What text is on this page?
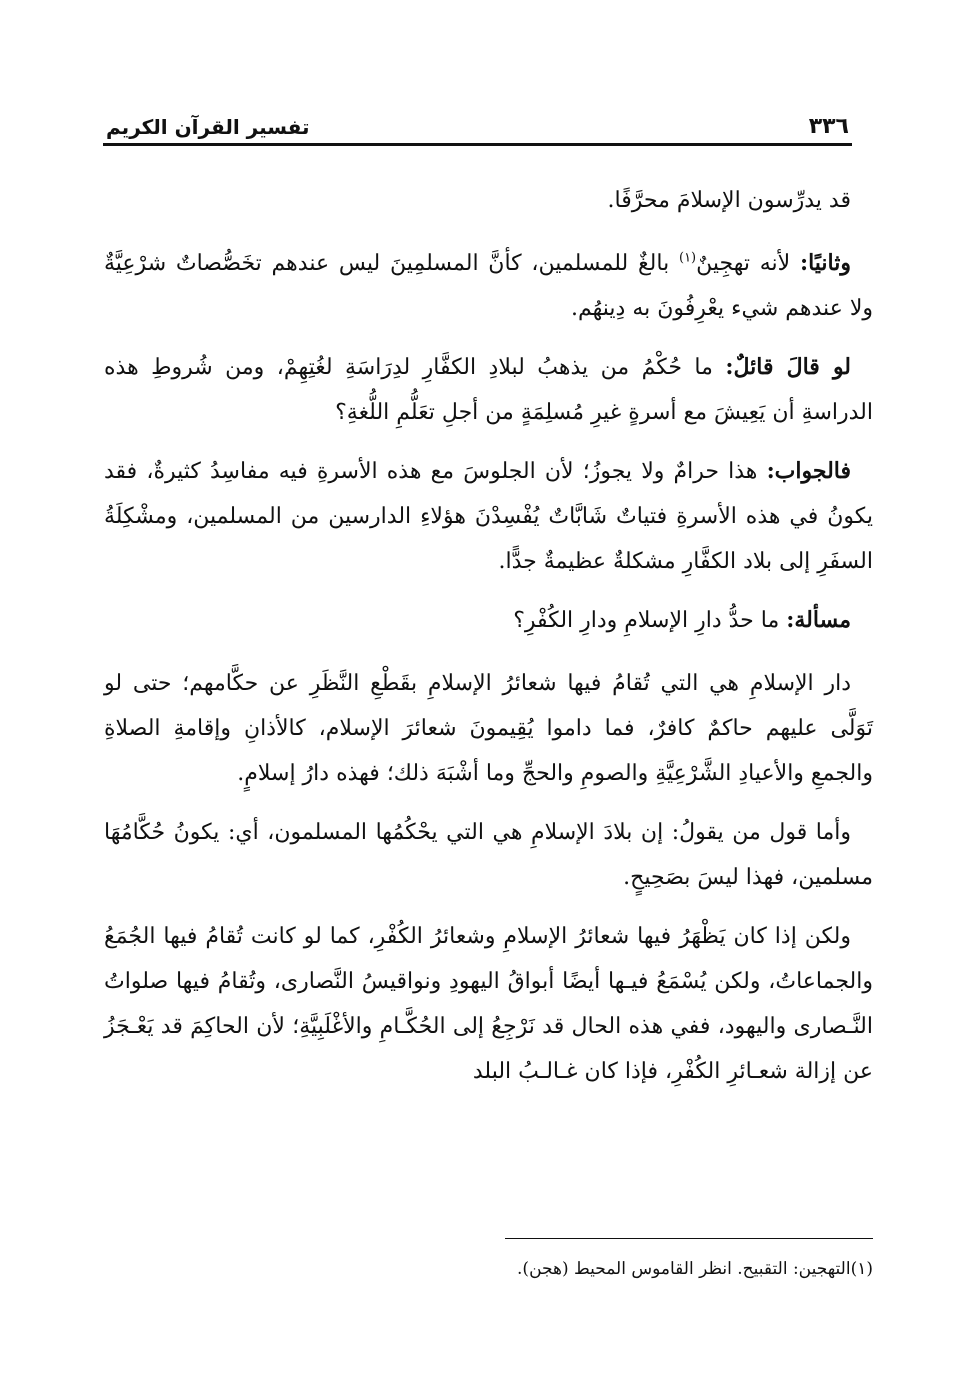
٣٣٦
تفسير القرآن الكريم

قد يدرِّسون الإسلامَ محرَّفًا.

وثانيًا: لأنه تهجِينٌ$^{(١)}$ بالغٌ للمسلمين، كأنَّ المسلمِينَ ليس عندهم تخَصُّصاتٌ شرْعِيَّةٌ ولا عندهم شيء يعْرِفُونَ به دِينهُم.

لو قالَ قائلٌ: ما حُكْمُ من يذهبُ لبلادِ الكفَّارِ لدِرَاسَةِ لغُتِهِمْ، ومن شُروطِ هذه الدراسةِ أن يَعِيشَ مع أسرةٍ غيرِ مُسلِمَةٍ من أجلِ تعَلُّمِ اللُّغةِ؟

فالجواب: هذا حرامٌ ولا يجوزُ؛ لأن الجلوسَ مع هذه الأسرةِ فيه مفاسِدُ كثيرةٌ، فقد يكونُ في هذه الأسرةِ فتياتٌ شَابَّاتٌ يُفْسِدْنَ هؤلاءِ الدارسين من المسلمين، ومشْكِلَةُ السفَرِ إلى بلاد الكفَّارِ مشكلةٌ عظيمةٌ جدًّا.

مسألة: ما حدُّ دارِ الإسلامِ ودارِ الكُفْرِ؟

دار الإسلامِ هي التي تُقامُ فيها شعائرُ الإسلامِ بقَطْعِ النَّظَرِ عن حكَّامهم؛ حتى لو تَوَلَّى عليهم حاكمٌ كافرٌ، فما داموا يُقِيمونَ شعائرَ الإسلام، كالأذانِ وإقامةِ الصلاةِ والجمعِ والأعيادِ الشَّرْعِيَّةِ والصومِ والحجِّ وما أشْبَهَ ذلك؛ فهذه دارُ إسلامٍ.

وأما قول من يقولُ: إن بلادَ الإسلامِ هي التي يحْكُمُها المسلمون، أي: يكونُ حُكَّامُهَا مسلمين، فهذا ليسَ بصَحِيحٍ.

ولكن إذا كان يَظْهَرُ فيها شعائرُ الإسلامِ وشعائرُ الكُفْرِ، كما لو كانت تُقامُ فيها الجُمَعُ والجماعاتُ، ولكن يُسْمَعُ فيـها أيضًا أبواقُ اليهودِ ونواقيسُ النَّصارى، وتُقامُ فيها صلواتُ النَّـصارى واليهود، ففي هذه الحال قد نَرْجِعُ إلى الحُكَّـامِ والأغْلَبِيَّةِ؛ لأن الحاكِمَ قد يَعْـجَزُ عن إزالة شعـائرِ الكُفْرِ، فإذا كان غـالـبُ البلد

(١)التهجين: التقبيح. انظر القاموس المحيط (هجن).
